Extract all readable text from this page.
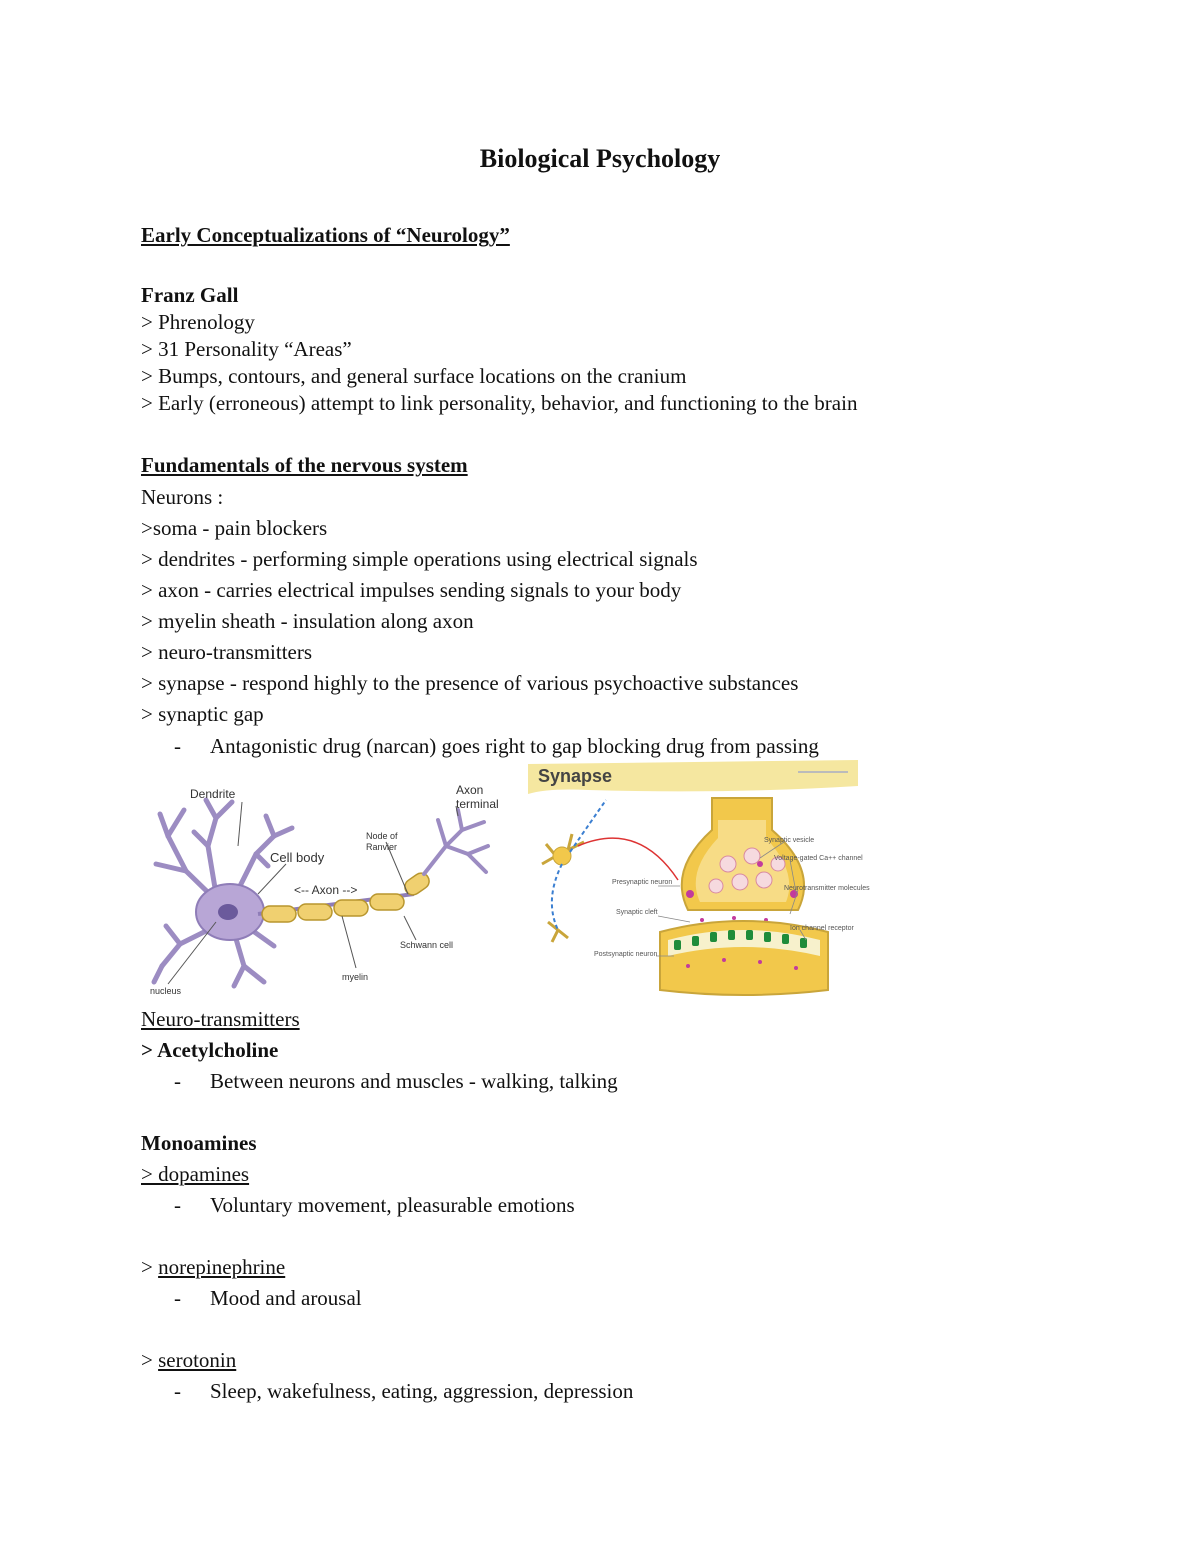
Biological Psychology
Early Conceptualizations of “Neurology”
Franz Gall
> Phrenology
> 31 Personality “Areas”
> Bumps, contours, and general surface locations on the cranium
> Early (erroneous) attempt to link personality, behavior, and functioning to the brain
Fundamentals of the nervous system
Neurons :
>soma - pain blockers
> dendrites - performing simple operations using electrical signals
> axon - carries electrical impulses sending signals to your body
> myelin sheath - insulation along axon
> neuro-transmitters
> synapse - respond highly to the presence of various psychoactive substances
> synaptic gap
- Antagonistic drug (narcan) goes right to gap blocking drug from passing
Dendrite	Axon
terminal
Node of
Ranvier
Cell body
<-- Axon -->
Schwann cell
myelin
nucleus
Synapse
Presynaptic neuron
Synaptic cleft
Postsynaptic neuron
Synaptic vesicle
Voltage-gated Ca++ channel
Neurotransmitter molecules
Ion channel receptor
Neuro-transmitters
> Acetylcholine
- Between neurons and muscles - walking, talking
Monoamines
> dopamines
- Voluntary movement, pleasurable emotions
> norepinephrine
- Mood and arousal
> serotonin
- Sleep, wakefulness, eating, aggression, depression
